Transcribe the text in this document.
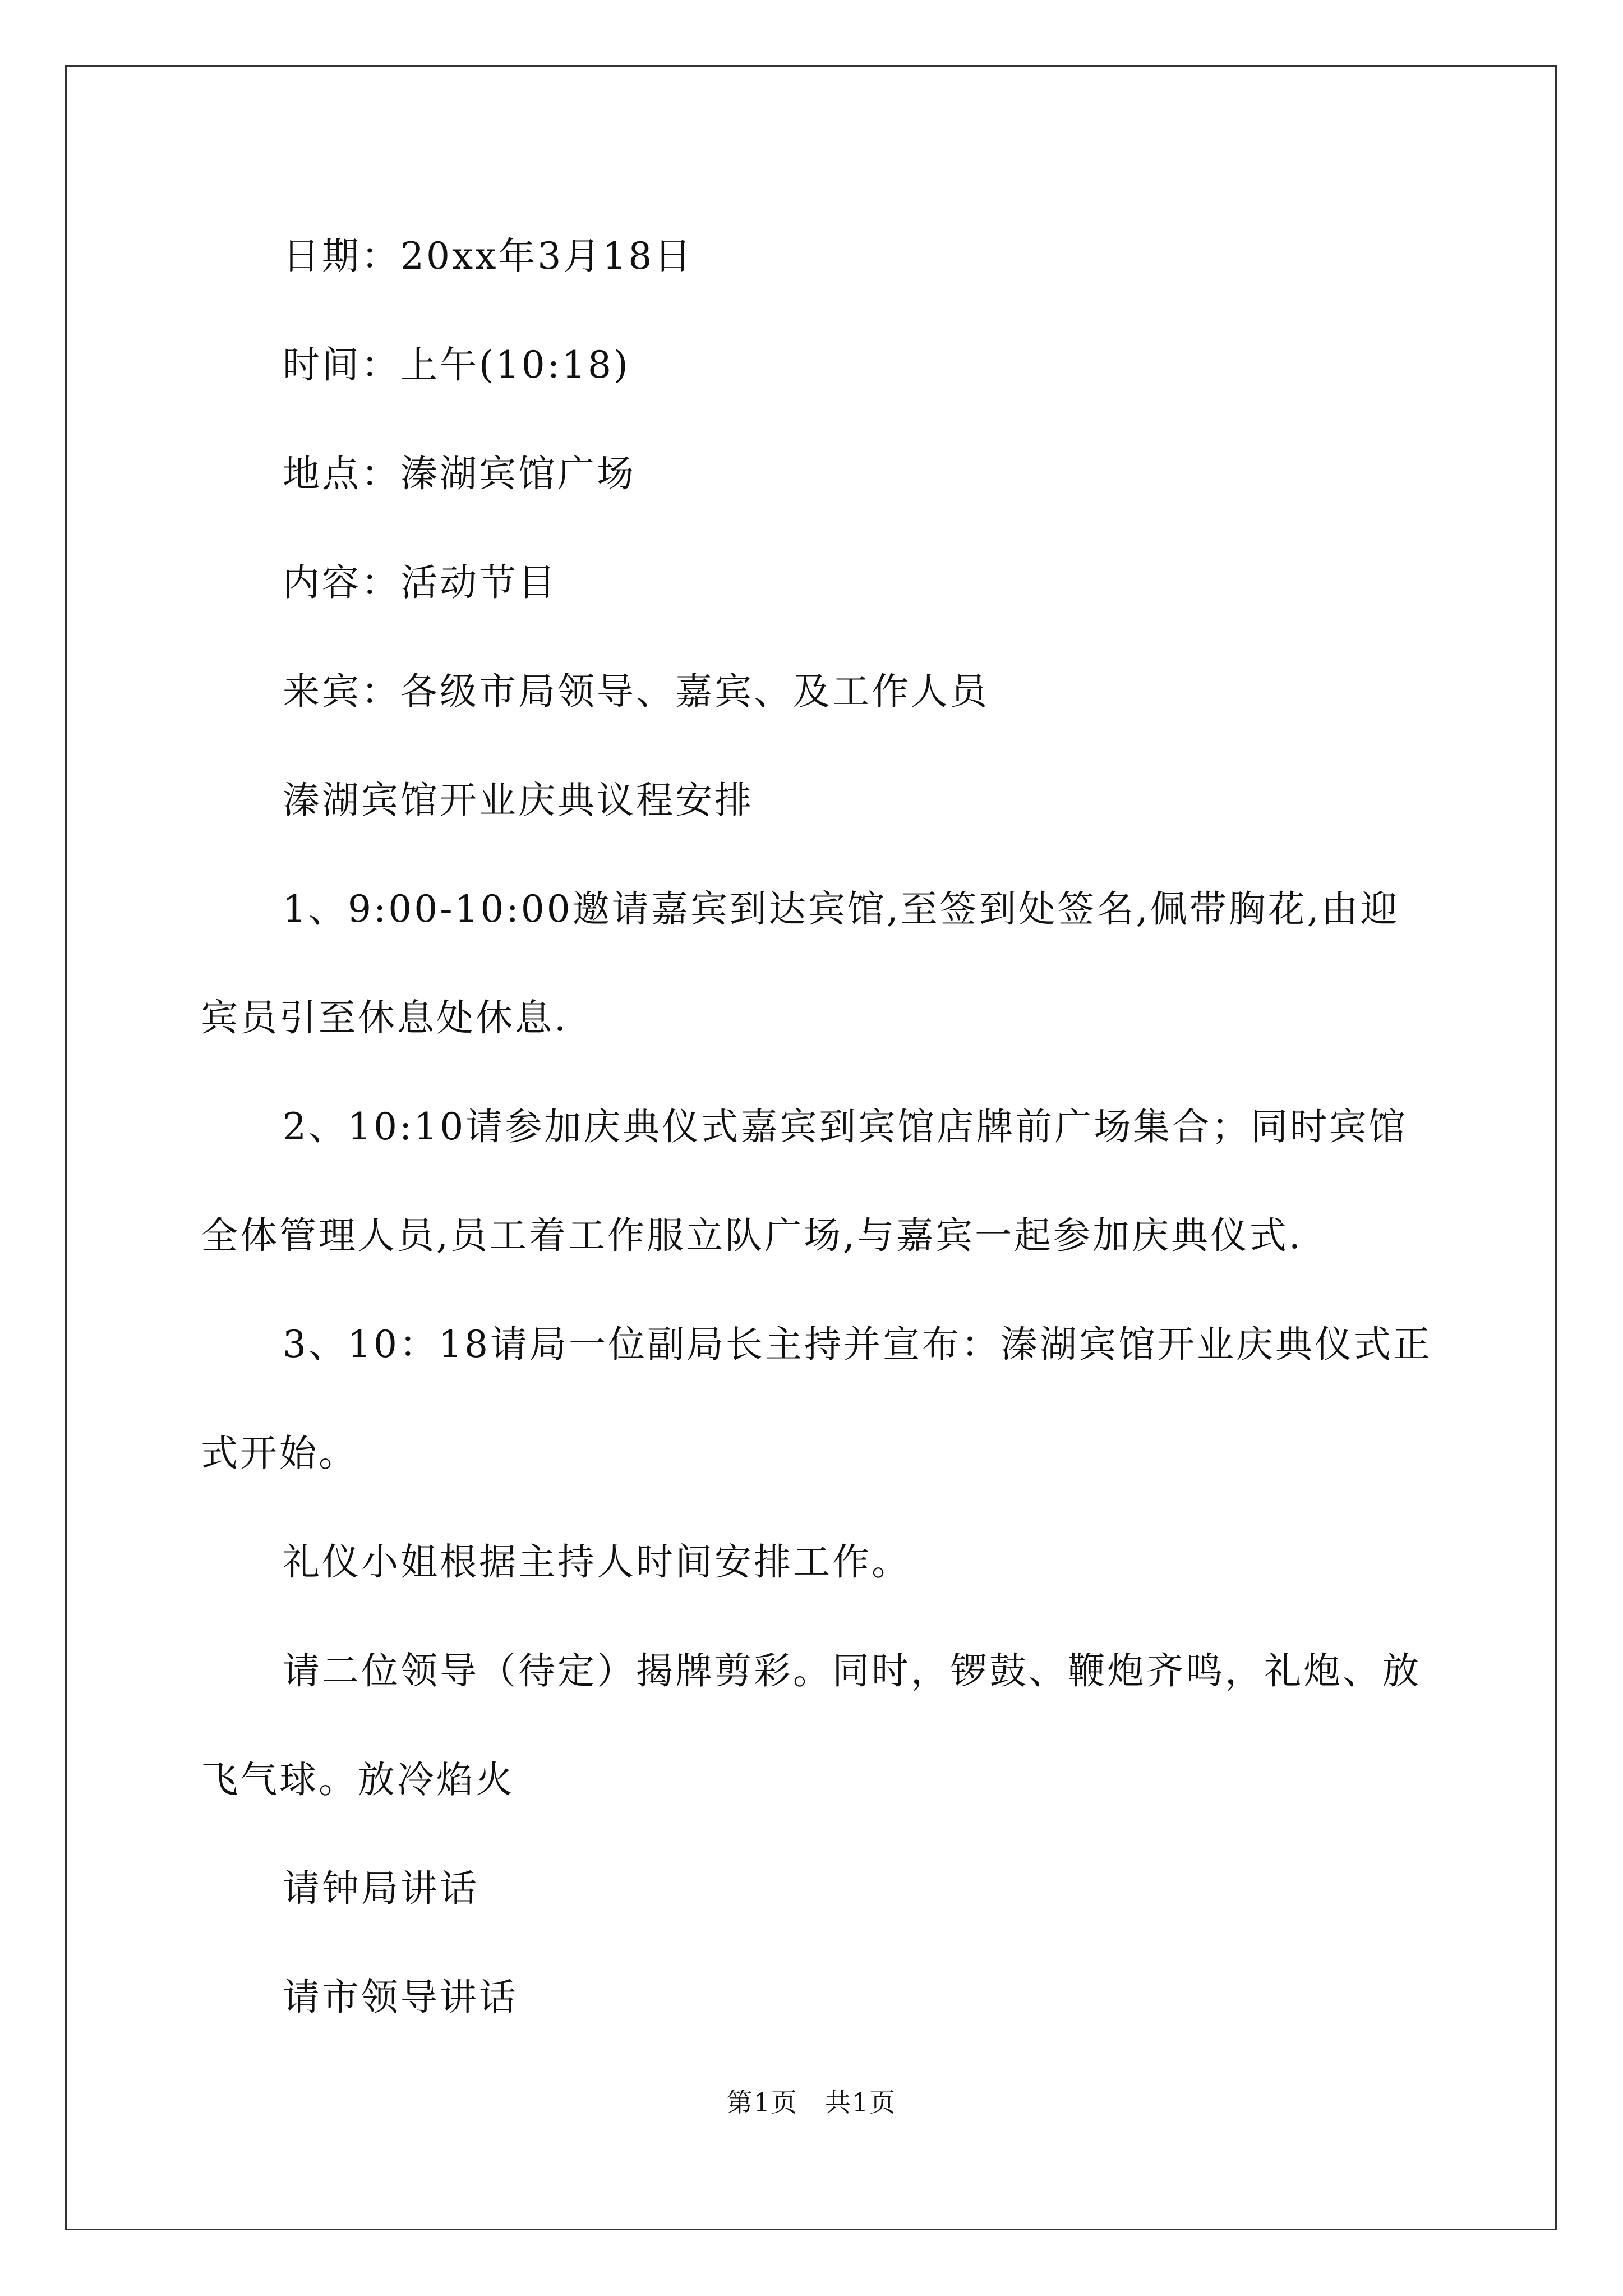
日期：20xx年3月18日

时间：上午(10:18)

地点：溱湖宾馆广场

内容：活动节目

来宾：各级市局领导、嘉宾、及工作人员

溱湖宾馆开业庆典议程安排

1、9:00-10:00邀请嘉宾到达宾馆,至签到处签名,佩带胸花,由迎宾员引至休息处休息.

2、10:10请参加庆典仪式嘉宾到宾馆店牌前广场集合；同时宾馆全体管理人员,员工着工作服立队广场,与嘉宾一起参加庆典仪式.

3、10：18请局一位副局长主持并宣布：溱湖宾馆开业庆典仪式正式开始。

礼仪小姐根据主持人时间安排工作。

请二位领导（待定）揭牌剪彩。同时，锣鼓、鞭炮齐鸣，礼炮、放飞气球。放冷焰火

请钟局讲话

请市领导讲话

第1页　共1页
